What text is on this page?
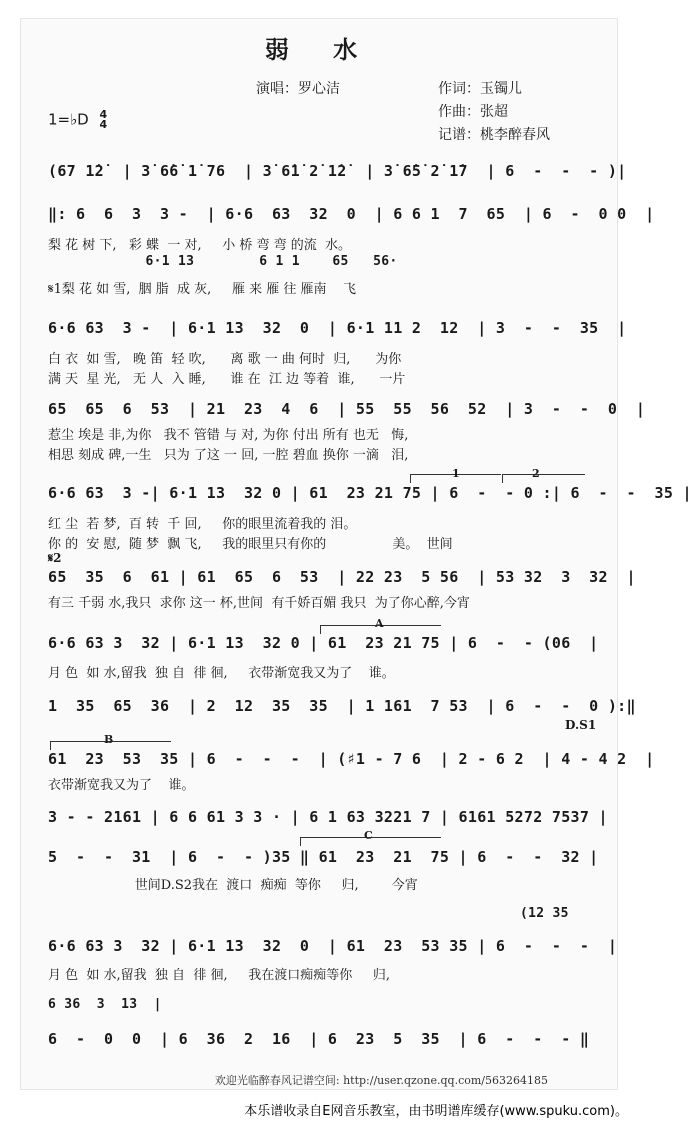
弱 水
演唱：罗心洁	作词：玉镯儿
作曲：张超
记谱：桃李醉春风
1=♭D 4
4
(67 1̇2̇  | 3̇ 6̇6̇ 1̇ 76  | 3̇ 6̇1̇ 2̇ 1̇2̇  | 3̇ 6̇5̇ 2̇ 1̇7  | 6  -  -  - )|
‖: 6  6  3  3 -  | 6·6  63  32  0  | 6 6 1  7  65  | 6  -  0 0  |
梨 花 树 下,   彩 蝶  一 对,     小 桥 弯 弯 的流  水。
6·1 13        6 1 1    65   56·
𝄋1梨 花 如 雪,  胭 脂  成 灰,     雁 来 雁 往 雁南    飞
6·6 63  3 -  | 6·1 13  32  0  | 6·1 11 2  12  | 3  -  -  35  |
白 衣  如 雪,   晚 笛  轻 吹,      离 歌 一 曲 何时  归,      为你
满 天  星 光,   无 人  入 睡,      谁 在  江 边 等着  谁,      一片
65  65  6  53  | 21  23  4  6  | 55  55  56  52  | 3  -  -  0  |
惹尘 埃是 非,为你   我不 管错 与 对, 为你 付出 所有 也无   悔,
相思 刻成 碑,一生   只为 了这 一 回, 一腔 碧血 换你 一滴   泪,
1	2
6·6 63  3 -| 6·1 13  32 0 | 61  23 21 75 | 6  -  - 0 :| 6  -  -  35 |
红 尘  若 梦,  百 转  千 回,     你的眼里流着我的 泪。
你 的  安 慰,  随 梦  飘 飞,     我的眼里只有你的                美。  世间
𝄋2
65  35  6  61 | 61  65  6  53  | 22 23  5 56  | 53 32  3  32  |
有三 千弱 水,我只  求你 这一 杯,世间  有千娇百媚 我只  为了你心醉,今宵
A
6·6 63 3  32 | 6·1 13  32 0 | 61  23 21 75 | 6  -  - (06  |
月 色  如 水,留我  独 自  徘 徊,     衣带渐宽我又为了    谁。
1  35  65  36  | 2  12  35  35  | 1 161  7 53  | 6  -  -  0 ):‖
D.S1
B
61  23  53  35 | 6  -  -  -  | (♯1 - 7 6  | 2 - 6 2  | 4 - 4 2  |
衣带渐宽我又为了    谁。
3 - - 2161 | 6 6 61 3 3 · | 6 1 63 3221 7 | 6161 5272 7537 |
C
5  -  -  31  | 6  -  - )35 ‖ 61  23  21  75 | 6  -  -  32 |
世间D.S2我在  渡口  痴痴  等你     归,        今宵
(12 35
6·6 63 3  32 | 6·1 13  32  0  | 61  23  53 35 | 6  -  -  -  |
月 色  如 水,留我  独 自  徘 徊,     我在渡口痴痴等你     归,
6 36  3  13  |
6  -  0  0  | 6  36  2  16  | 6  23  5  35  | 6  -  -  - ‖
欢迎光临醉春风记谱空间: http://user.qzone.qq.com/563264185
本乐谱收录自E网音乐教室，由书明谱库缓存(www.spuku.com)。
